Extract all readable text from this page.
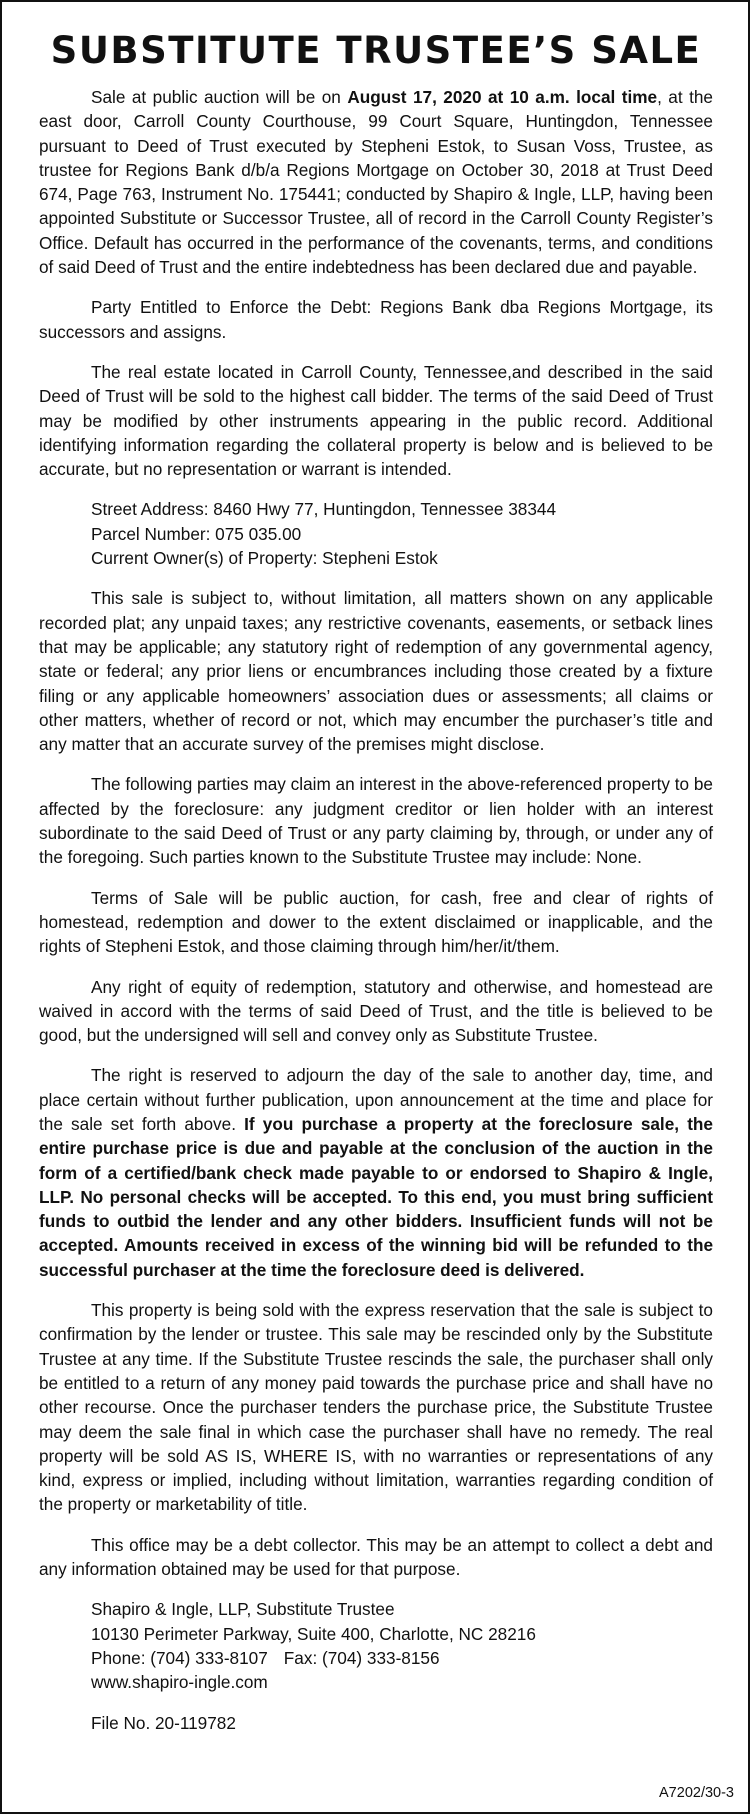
SUBSTITUTE TRUSTEE’S SALE

Sale at public auction will be on August 17, 2020 at 10 a.m. local time, at the east door, Carroll County Courthouse, 99 Court Square, Huntingdon, Tennessee pursuant to Deed of Trust executed by Stepheni Estok, to Susan Voss, Trustee, as trustee for Regions Bank d/b/a Regions Mortgage on October 30, 2018 at Trust Deed 674, Page 763, Instrument No. 175441; conducted by Shapiro & Ingle, LLP, having been appointed Substitute or Successor Trustee, all of record in the Carroll County Register’s Office. Default has occurred in the performance of the covenants, terms, and conditions of said Deed of Trust and the entire indebtedness has been declared due and payable.

Party Entitled to Enforce the Debt: Regions Bank dba Regions Mortgage, its successors and assigns.

The real estate located in Carroll County, Tennessee,and described in the said Deed of Trust will be sold to the highest call bidder. The terms of the said Deed of Trust may be modified by other instruments appearing in the public record. Additional identifying information regarding the collateral property is below and is believed to be accurate, but no representation or warrant is intended.

Street Address: 8460 Hwy 77, Huntingdon, Tennessee 38344
Parcel Number: 075 035.00
Current Owner(s) of Property: Stepheni Estok

This sale is subject to, without limitation, all matters shown on any applicable recorded plat; any unpaid taxes; any restrictive covenants, easements, or setback lines that may be applicable; any statutory right of redemption of any governmental agency, state or federal; any prior liens or encumbrances including those created by a fixture filing or any applicable homeowners’ association dues or assessments; all claims or other matters, whether of record or not, which may encumber the purchaser’s title and any matter that an accurate survey of the premises might disclose.

The following parties may claim an interest in the above-referenced property to be affected by the foreclosure: any judgment creditor or lien holder with an interest subordinate to the said Deed of Trust or any party claiming by, through, or under any of the foregoing. Such parties known to the Substitute Trustee may include: None.

Terms of Sale will be public auction, for cash, free and clear of rights of homestead, redemption and dower to the extent disclaimed or inapplicable, and the rights of Stepheni Estok, and those claiming through him/her/it/them.

Any right of equity of redemption, statutory and otherwise, and homestead are waived in accord with the terms of said Deed of Trust, and the title is believed to be good, but the undersigned will sell and convey only as Substitute Trustee.

The right is reserved to adjourn the day of the sale to another day, time, and place certain without further publication, upon announcement at the time and place for the sale set forth above. If you purchase a property at the foreclosure sale, the entire purchase price is due and payable at the conclusion of the auction in the form of a certified/bank check made payable to or endorsed to Shapiro & Ingle, LLP. No personal checks will be accepted. To this end, you must bring sufficient funds to outbid the lender and any other bidders. Insufficient funds will not be accepted. Amounts received in excess of the winning bid will be refunded to the successful purchaser at the time the foreclosure deed is delivered.

This property is being sold with the express reservation that the sale is subject to confirmation by the lender or trustee. This sale may be rescinded only by the Substitute Trustee at any time. If the Substitute Trustee rescinds the sale, the purchaser shall only be entitled to a return of any money paid towards the purchase price and shall have no other recourse. Once the purchaser tenders the purchase price, the Substitute Trustee may deem the sale final in which case the purchaser shall have no remedy. The real property will be sold AS IS, WHERE IS, with no warranties or representations of any kind, express or implied, including without limitation, warranties regarding condition of the property or marketability of title.

This office may be a debt collector. This may be an attempt to collect a debt and any information obtained may be used for that purpose.

Shapiro & Ingle, LLP, Substitute Trustee
10130 Perimeter Parkway, Suite 400, Charlotte, NC 28216
Phone: (704) 333-8107 Fax: (704) 333-8156
www.shapiro-ingle.com
File No. 20-119782
A7202/30-3
